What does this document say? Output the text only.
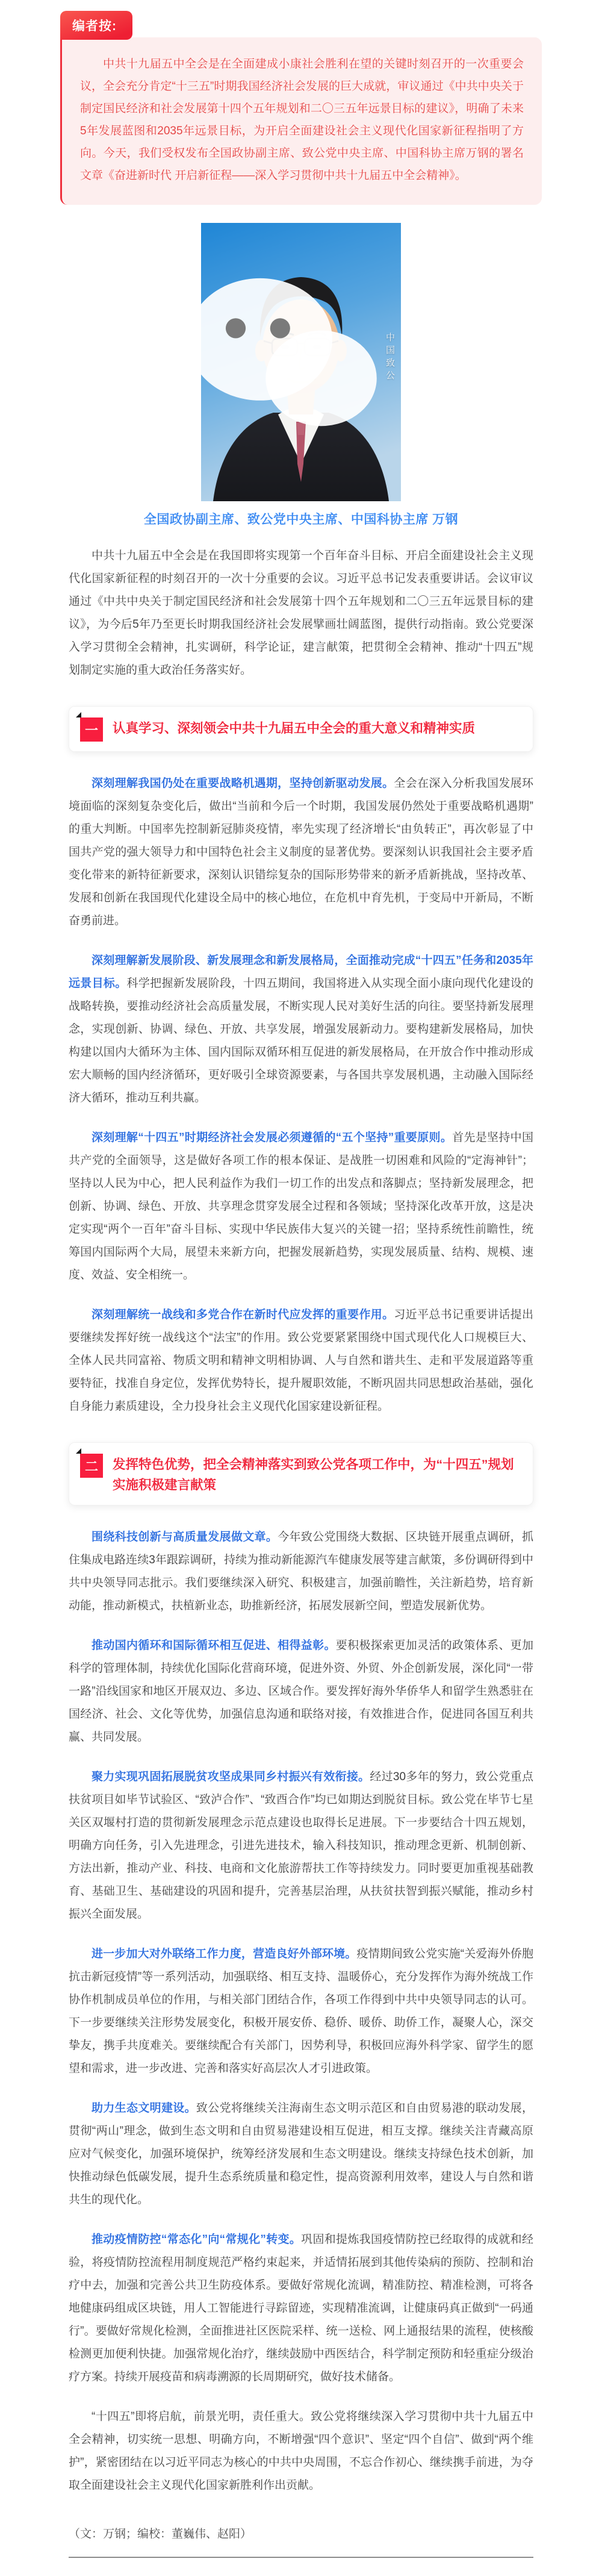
编者按:

中共十九届五中全会是在全面建成小康社会胜利在望的关键时刻召开的一次重要会议，全会充分肯定“十三五”时期我国经济社会发展的巨大成就，审议通过《中共中央关于制定国民经济和社会发展第十四个五年规划和二〇三五年远景目标的建议》，明确了未来5年发展蓝图和2035年远景目标，为开启全面建设社会主义现代化国家新征程指明了方向。今天，我们受权发布全国政协副主席、致公党中央主席、中国科协主席万钢的署名文章《奋进新时代 开启新征程——深入学习贯彻中共十九届五中全会精神》。

中国致公
全国政协副主席、致公党中央主席、中国科协主席 万钢

中共十九届五中全会是在我国即将实现第一个百年奋斗目标、开启全面建设社会主义现代化国家新征程的时刻召开的一次十分重要的会议。习近平总书记发表重要讲话。会议审议通过《中共中央关于制定国民经济和社会发展第十四个五年规划和二〇三五年远景目标的建议》，为今后5年乃至更长时期我国经济社会发展擘画壮阔蓝图，提供行动指南。致公党要深入学习贯彻全会精神，扎实调研，科学论证，建言献策，把贯彻全会精神、推动“十四五”规划制定实施的重大政治任务落实好。

一	认真学习、深刻领会中共十九届五中全会的重大意义和精神实质

深刻理解我国仍处在重要战略机遇期，坚持创新驱动发展。全会在深入分析我国发展环境面临的深刻复杂变化后，做出“当前和今后一个时期，我国发展仍然处于重要战略机遇期”的重大判断。中国率先控制新冠肺炎疫情，率先实现了经济增长“由负转正”，再次彰显了中国共产党的强大领导力和中国特色社会主义制度的显著优势。要深刻认识我国社会主要矛盾变化带来的新特征新要求，深刻认识错综复杂的国际形势带来的新矛盾新挑战，坚持改革、发展和创新在我国现代化建设全局中的核心地位，在危机中育先机，于变局中开新局，不断奋勇前进。

深刻理解新发展阶段、新发展理念和新发展格局，全面推动完成“十四五”任务和2035年远景目标。科学把握新发展阶段，十四五期间，我国将进入从实现全面小康向现代化建设的战略转换，要推动经济社会高质量发展，不断实现人民对美好生活的向往。要坚持新发展理念，实现创新、协调、绿色、开放、共享发展，增强发展新动力。要构建新发展格局，加快构建以国内大循环为主体、国内国际双循环相互促进的新发展格局，在开放合作中推动形成宏大顺畅的国内经济循环，更好吸引全球资源要素，与各国共享发展机遇，主动融入国际经济大循环，推动互利共赢。

深刻理解“十四五”时期经济社会发展必须遵循的“五个坚持”重要原则。首先是坚持中国共产党的全面领导，这是做好各项工作的根本保证、是战胜一切困难和风险的“定海神针”；坚持以人民为中心，把人民利益作为我们一切工作的出发点和落脚点；坚持新发展理念，把创新、协调、绿色、开放、共享理念贯穿发展全过程和各领域；坚持深化改革开放，这是决定实现“两个一百年”奋斗目标、实现中华民族伟大复兴的关键一招；坚持系统性前瞻性，统筹国内国际两个大局，展望未来新方向，把握发展新趋势，实现发展质量、结构、规模、速度、效益、安全相统一。

深刻理解统一战线和多党合作在新时代应发挥的重要作用。习近平总书记重要讲话提出要继续发挥好统一战线这个“法宝”的作用。致公党要紧紧围绕中国式现代化人口规模巨大、全体人民共同富裕、物质文明和精神文明相协调、人与自然和谐共生、走和平发展道路等重要特征，找准自身定位，发挥优势特长，提升履职效能，不断巩固共同思想政治基础，强化自身能力素质建设，全力投身社会主义现代化国家建设新征程。

二	发挥特色优势，把全会精神落实到致公党各项工作中，为“十四五”规划实施积极建言献策

围绕科技创新与高质量发展做文章。今年致公党围绕大数据、区块链开展重点调研，抓住集成电路连续3年跟踪调研，持续为推动新能源汽车健康发展等建言献策，多份调研得到中共中央领导同志批示。我们要继续深入研究、积极建言，加强前瞻性，关注新趋势，培育新动能，推动新模式，扶植新业态，助推新经济，拓展发展新空间，塑造发展新优势。

推动国内循环和国际循环相互促进、相得益彰。要积极探索更加灵活的政策体系、更加科学的管理体制，持续优化国际化营商环境，促进外资、外贸、外企创新发展，深化同“一带一路”沿线国家和地区开展双边、多边、区域合作。要发挥好海外华侨华人和留学生熟悉驻在国经济、社会、文化等优势，加强信息沟通和联络对接，有效推进合作，促进同各国互利共赢、共同发展。

聚力实现巩固拓展脱贫攻坚成果同乡村振兴有效衔接。经过30多年的努力，致公党重点扶贫项目如毕节试验区、“致泸合作”、“致酉合作”均已如期达到脱贫目标。致公党在毕节七星关区双堰村打造的贯彻新发展理念示范点建设也取得长足进展。下一步要结合十四五规划，明确方向任务，引入先进理念，引进先进技术，输入科技知识，推动理念更新、机制创新、方法出新，推动产业、科技、电商和文化旅游帮扶工作等持续发力。同时要更加重视基础教育、基础卫生、基础建设的巩固和提升，完善基层治理，从扶贫扶智到振兴赋能，推动乡村振兴全面发展。

进一步加大对外联络工作力度，营造良好外部环境。疫情期间致公党实施“关爱海外侨胞抗击新冠疫情”等一系列活动，加强联络、相互支持、温暖侨心，充分发挥作为海外统战工作协作机制成员单位的作用，与相关部门团结合作，各项工作得到中共中央领导同志的认可。下一步要继续关注形势发展变化，积极开展安侨、稳侨、暖侨、助侨工作，凝聚人心，深交挚友，携手共度难关。要继续配合有关部门，因势利导，积极回应海外科学家、留学生的愿望和需求，进一步改进、完善和落实好高层次人才引进政策。

助力生态文明建设。致公党将继续关注海南生态文明示范区和自由贸易港的联动发展，贯彻“两山”理念，做到生态文明和自由贸易港建设相互促进，相互支撑。继续关注青藏高原应对气候变化，加强环境保护，统筹经济发展和生态文明建设。继续支持绿色技术创新，加快推动绿色低碳发展，提升生态系统质量和稳定性，提高资源利用效率，建设人与自然和谐共生的现代化。

推动疫情防控“常态化”向“常规化”转变。巩固和提炼我国疫情防控已经取得的成就和经验，将疫情防控流程用制度规范严格约束起来，并适情拓展到其他传染病的预防、控制和治疗中去，加强和完善公共卫生防疫体系。要做好常规化流调，精准防控、精准检测，可将各地健康码组成区块链，用人工智能进行寻踪留迹，实现精准流调，让健康码真正做到“一码通行”。要做好常规化检测，全面推进社区医院采样、统一送检、网上通报结果的流程，使核酸检测更加便利快捷。加强常规化治疗，继续鼓励中西医结合，科学制定预防和轻重症分级治疗方案。持续开展疫苗和病毒溯源的长周期研究，做好技术储备。

“十四五”即将启航，前景光明，责任重大。致公党将继续深入学习贯彻中共十九届五中全会精神，切实统一思想、明确方向，不断增强“四个意识”、坚定“四个自信”、做到“两个维护”，紧密团结在以习近平同志为核心的中共中央周围，不忘合作初心、继续携手前进，为夺取全面建设社会主义现代化国家新胜利作出贡献。

（文：万钢；编校：董巍伟、赵阳）
